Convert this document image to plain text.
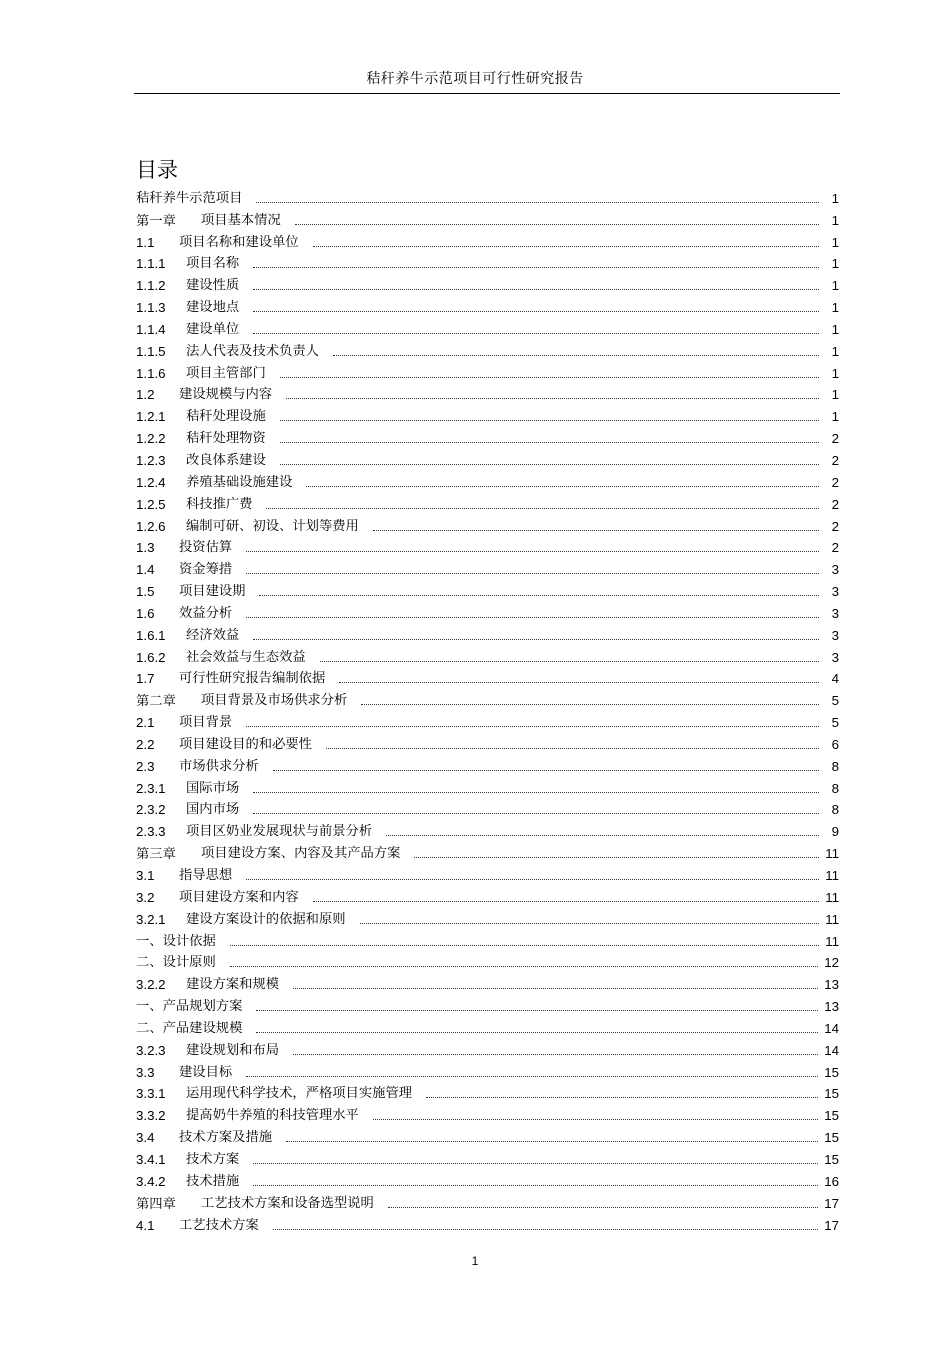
秸秆养牛示范项目可行性研究报告
目录
秸秆养牛示范项目	1
第一章 项目基本情况	1
1.1	项目名称和建设单位	1
1.1.1	项目名称	1
1.1.2	建设性质	1
1.1.3	建设地点	1
1.1.4	建设单位	1
1.1.5	法人代表及技术负责人	1
1.1.6	项目主管部门	1
1.2	建设规模与内容	1
1.2.1	秸秆处理设施	1
1.2.2	秸秆处理物资	2
1.2.3	改良体系建设	2
1.2.4	养殖基础设施建设	2
1.2.5	科技推广费	2
1.2.6	编制可研、初设、计划等费用	2
1.3	投资估算	2
1.4	资金筹措	3
1.5	项目建设期	3
1.6	效益分析	3
1.6.1	经济效益	3
1.6.2	社会效益与生态效益	3
1.7	可行性研究报告编制依据	4
第二章 项目背景及市场供求分析	5
2.1	项目背景	5
2.2	项目建设目的和必要性	6
2.3	市场供求分析	8
2.3.1	国际市场	8
2.3.2	国内市场	8
2.3.3	项目区奶业发展现状与前景分析	9
第三章 项目建设方案、内容及其产品方案	11
3.1	指导思想	11
3.2	项目建设方案和内容	11
3.2.1	建设方案设计的依据和原则	11
一、设计依据	11
二、设计原则	12
3.2.2	建设方案和规模	13
一、产品规划方案	13
二、产品建设规模	14
3.2.3	建设规划和布局	14
3.3	建设目标	15
3.3.1	运用现代科学技术，严格项目实施管理	15
3.3.2	提高奶牛养殖的科技管理水平	15
3.4	技术方案及措施	15
3.4.1	技术方案	15
3.4.2	技术措施	16
第四章 工艺技术方案和设备选型说明	17
4.1	工艺技术方案	17
1
